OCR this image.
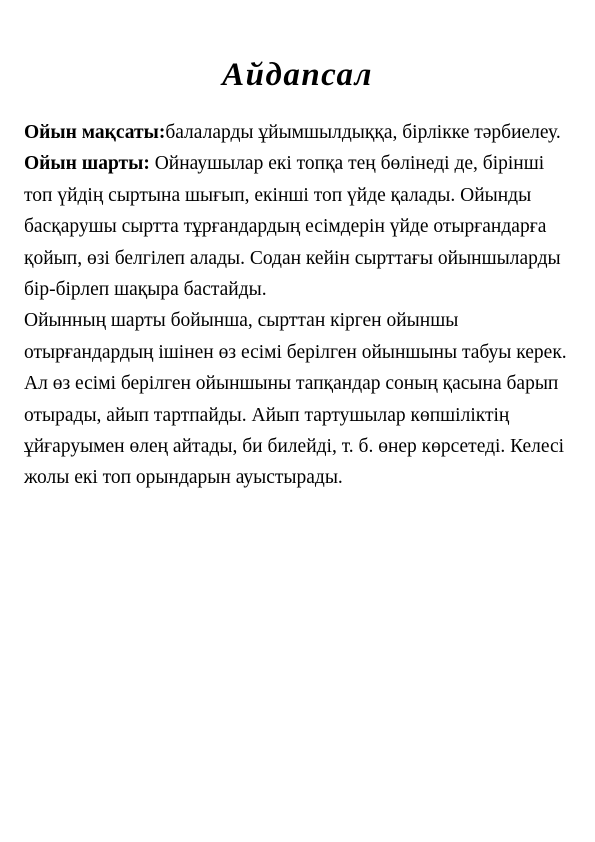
Айдапсал

Ойын мақсаты:балаларды ұйымшылдыққа, бірлікке тәрбиелеу.

Ойын шарты: Ойнаушылар екі топқа тең бөлінеді де, бірінші топ үйдің сыртына шығып, екінші топ үйде қалады. Ойынды басқарушы сыртта тұрғандардың есімдерін үйде отырғандарға қойып, өзі белгілеп алады. Содан кейін сырттағы ойыншыларды бір-бірлеп шақыра бастайды.

Ойынның шарты бойынша, сырттан кірген ойыншы отырғандардың ішінен өз есімі берілген ойыншыны табуы керек. Ал өз есімі берілген ойыншыны тапқандар соның қасына барып отырады, айып тартпайды. Айып тартушылар көпшіліктің ұйғаруымен өлең айтады, би билейді, т. б. өнер көрсетеді. Келесі жолы екі топ орындарын ауыстырады.
